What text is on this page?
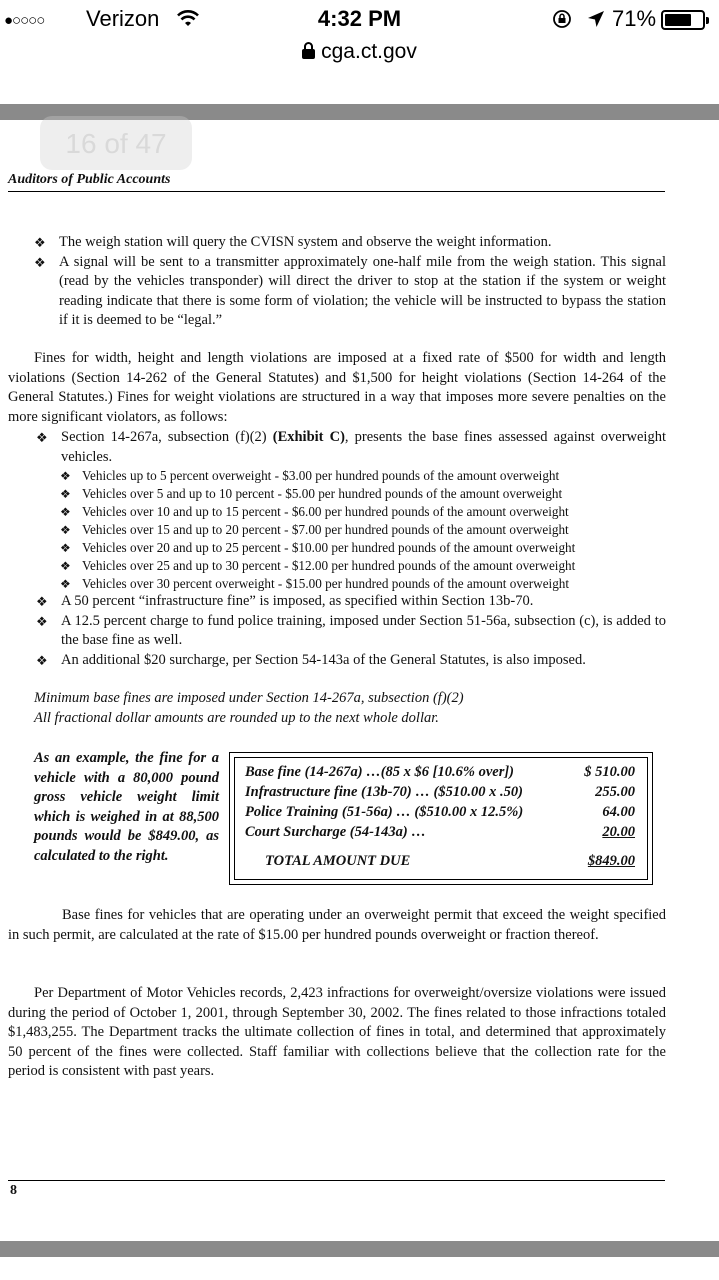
●○○○○ Verizon	4:32 PM	71%
cga.ct.gov
Auditors of Public Accounts
❖ The weigh station will query the CVISN system and observe the weight information.
❖ A signal will be sent to a transmitter approximately one-half mile from the weigh station. This signal (read by the vehicles transponder) will direct the driver to stop at the station if the system or weight reading indicate that there is some form of violation; the vehicle will be instructed to bypass the station if it is deemed to be “legal.”
Fines for width, height and length violations are imposed at a fixed rate of $500 for width and length violations (Section 14-262 of the General Statutes) and $1,500 for height violations (Section 14-264 of the General Statutes.) Fines for weight violations are structured in a way that imposes more severe penalties on the more significant violators, as follows:
❖ Section 14-267a, subsection (f)(2) (Exhibit C), presents the base fines assessed against overweight vehicles.
❖ Vehicles up to 5 percent overweight - $3.00 per hundred pounds of the amount overweight
❖ Vehicles over 5 and up to 10 percent - $5.00 per hundred pounds of the amount overweight
❖ Vehicles over 10 and up to 15 percent - $6.00 per hundred pounds of the amount overweight
❖ Vehicles over 15 and up to 20 percent - $7.00 per hundred pounds of the amount overweight
❖ Vehicles over 20 and up to 25 percent - $10.00 per hundred pounds of the amount overweight
❖ Vehicles over 25 and up to 30 percent - $12.00 per hundred pounds of the amount overweight
❖ Vehicles over 30 percent overweight - $15.00 per hundred pounds of the amount overweight
❖ A 50 percent “infrastructure fine” is imposed, as specified within Section 13b-70.
❖ A 12.5 percent charge to fund police training, imposed under Section 51-56a, subsection (c), is added to the base fine as well.
❖ An additional $20 surcharge, per Section 54-143a of the General Statutes, is also imposed.
Minimum base fines are imposed under Section 14-267a, subsection (f)(2)
All fractional dollar amounts are rounded up to the next whole dollar.
As an example, the fine for a vehicle with a 80,000 pound gross vehicle weight limit which is weighed in at 88,500 pounds would be $849.00, as calculated to the right.
Base fine (14-267a) …(85 x $6 [10.6% over])	$ 510.00
Infrastructure fine (13b-70) … ($510.00 x .50)	255.00
Police Training (51-56a) … ($510.00 x 12.5%)	64.00
Court Surcharge (54-143a) …	20.00
TOTAL AMOUNT DUE	$849.00
Base fines for vehicles that are operating under an overweight permit that exceed the weight specified in such permit, are calculated at the rate of $15.00 per hundred pounds overweight or fraction thereof.
Per Department of Motor Vehicles records, 2,423 infractions for overweight/oversize violations were issued during the period of October 1, 2001, through September 30, 2002. The fines related to those infractions totaled $1,483,255. The Department tracks the ultimate collection of fines in total, and determined that approximately 50 percent of the fines were collected. Staff familiar with collections believe that the collection rate for the period is consistent with past years.
8
16 of 47
